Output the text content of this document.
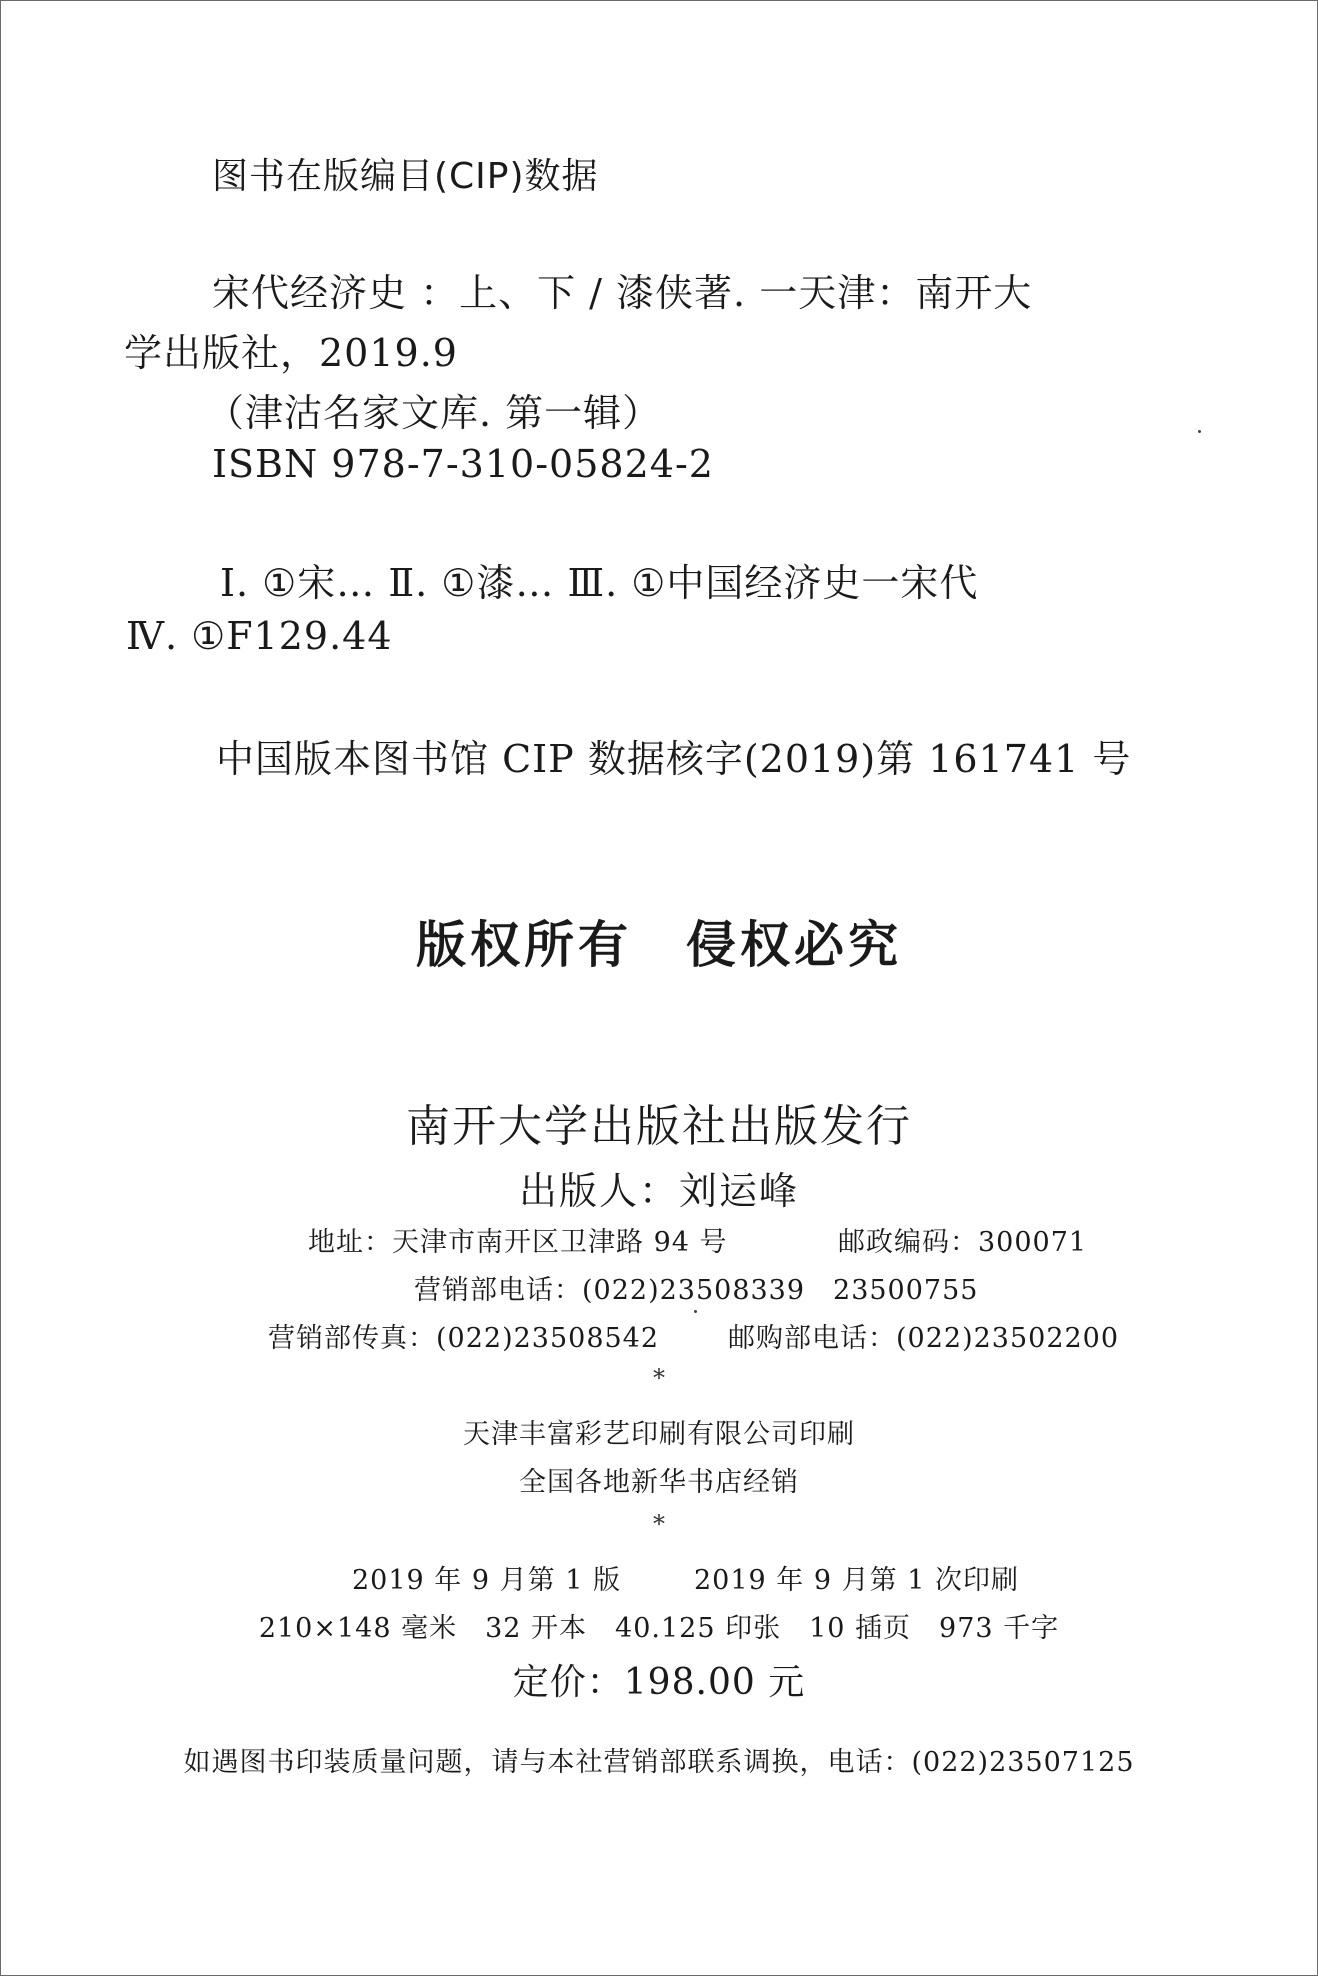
图书在版编目(CIP)数据
宋代经济史 ：上、下 / 漆侠著. 一天津：南开大
学出版社，2019.9
（津沽名家文库. 第一辑）
ISBN 978-7-310-05824-2
Ⅰ. ①宋… Ⅱ. ①漆… Ⅲ. ①中国经济史一宋代
Ⅳ. ①F129.44
中国版本图书馆 CIP 数据核字(2019)第 161741 号
版权所有　侵权必究
南开大学出版社出版发行
出版人：刘运峰
地址：天津市南开区卫津路 94 号	邮政编码：300071
营销部电话：(022)23508339　23500755
营销部传真：(022)23508542	邮购部电话：(022)23502200
*
天津丰富彩艺印刷有限公司印刷
全国各地新华书店经销
*
2019 年 9 月第 1 版	2019 年 9 月第 1 次印刷
210×148 毫米　32 开本　40.125 印张　10 插页　973 千字
定价：198.00 元
如遇图书印装质量问题，请与本社营销部联系调换，电话：(022)23507125
